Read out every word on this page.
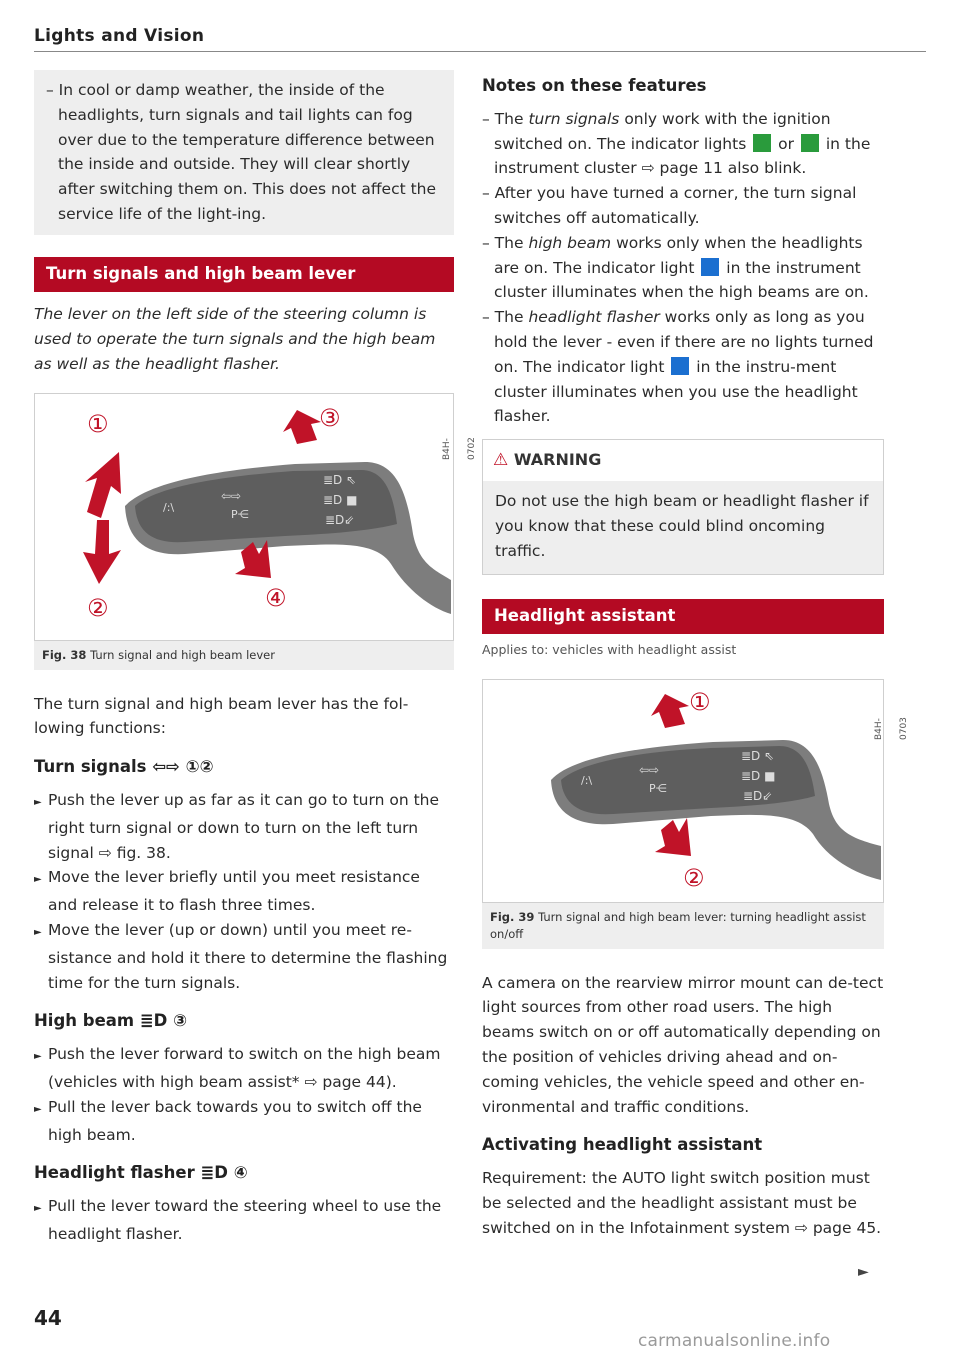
Lights and Vision
– In cool or damp weather, the inside of the headlights, turn signals and tail lights can fog over due to the temperature difference between the inside and outside. They will clear shortly after switching them on. This does not affect the service life of the light-ing.
Turn signals and high beam lever
The lever on the left side of the steering column is used to operate the turn signals and the high beam as well as the headlight flasher.
/:\
⇦⇨
P⋲
≣D ⇖
≣D ■
≣D⇙
①
②
③
④
B4H-0702
Fig. 38 Turn signal and high beam lever

The turn signal and high beam lever has the fol-lowing functions:

Turn signals ⇦⇨ ①②
► Push the lever up as far as it can go to turn on the right turn signal or down to turn on the left turn signal ⇨ fig. 38.
► Move the lever briefly until you meet resistance and release it to flash three times.
► Move the lever (up or down) until you meet re-sistance and hold it there to determine the flashing time for the turn signals.
High beam ≣D ③
► Push the lever forward to switch on the high beam (vehicles with high beam assist* ⇨ page 44).
► Pull the lever back towards you to switch off the high beam.
Headlight flasher ≣D ④
► Pull the lever toward the steering wheel to use the headlight flasher.
Notes on these features
– The turn signals only work with the ignition switched on. The indicator lights  or  in the instrument cluster ⇨ page 11 also blink.
– After you have turned a corner, the turn signal switches off automatically.
– The high beam works only when the headlights are on. The indicator light  in the instrument cluster illuminates when the high beams are on.
– The headlight flasher works only as long as you hold the lever - even if there are no lights turned on. The indicator light  in the instru-ment cluster illuminates when you use the headlight flasher.
⚠ WARNING
Do not use the high beam or headlight flasher if you know that these could blind oncoming traffic.
Headlight assistant
Applies to: vehicles with headlight assist
/:\
⇦⇨
P⋲
≣D ⇖
≣D ■
≣D⇙
①
②
B4H-0703
Fig. 39 Turn signal and high beam lever: turning headlight assist on/off

A camera on the rearview mirror mount can de-tect light sources from other road users. The high beams switch on or off automatically depending on the position of vehicles driving ahead and on-coming vehicles, the vehicle speed and other en-vironmental and traffic conditions.

Activating headlight assistant

Requirement: the AUTO light switch position must be selected and the headlight assistant must be switched on in the Infotainment system ⇨ page 45.

►
44
carmanualsonline.info
